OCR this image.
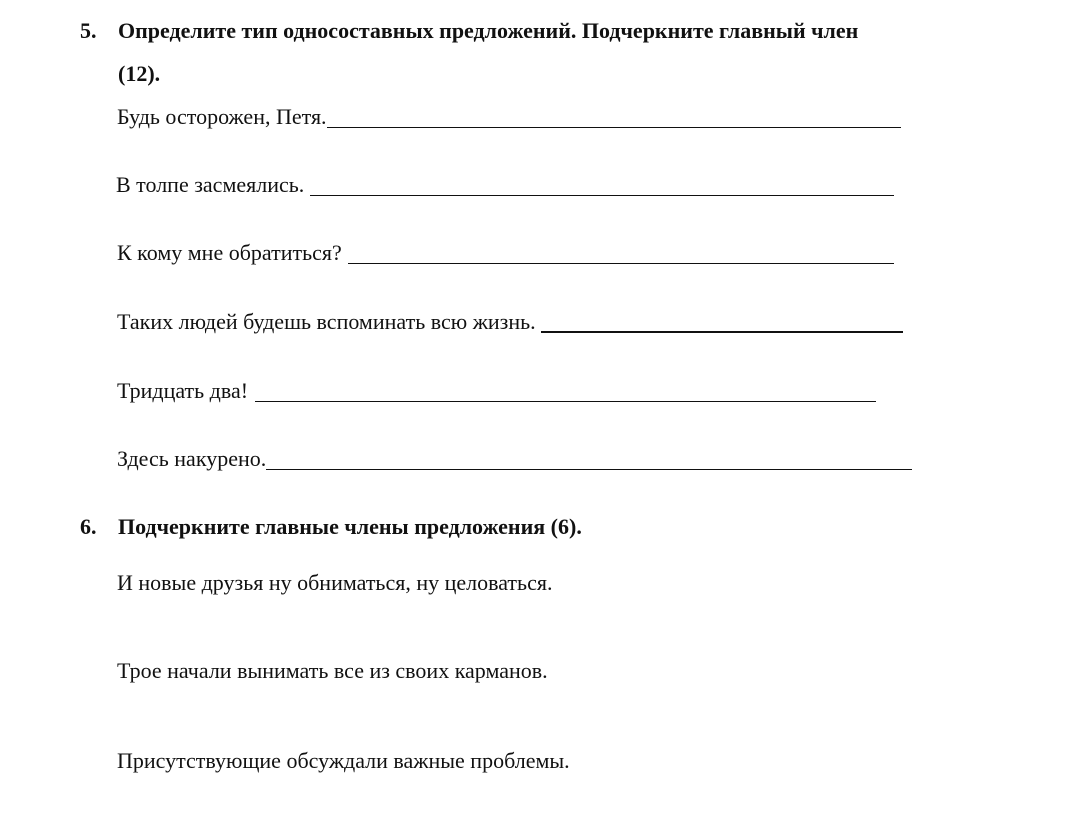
5. Определите тип односоставных предложений. Подчеркните главный член
(12).
Будь осторожен, Петя.
В толпе засмеялись.
К кому мне обратиться?
Таких людей будешь вспоминать всю жизнь.
Тридцать два!
Здесь накурено.
6. Подчеркните главные члены предложения (6).
И новые друзья ну обниматься, ну целоваться.
Трое начали вынимать все из своих карманов.
Присутствующие обсуждали важные проблемы.
